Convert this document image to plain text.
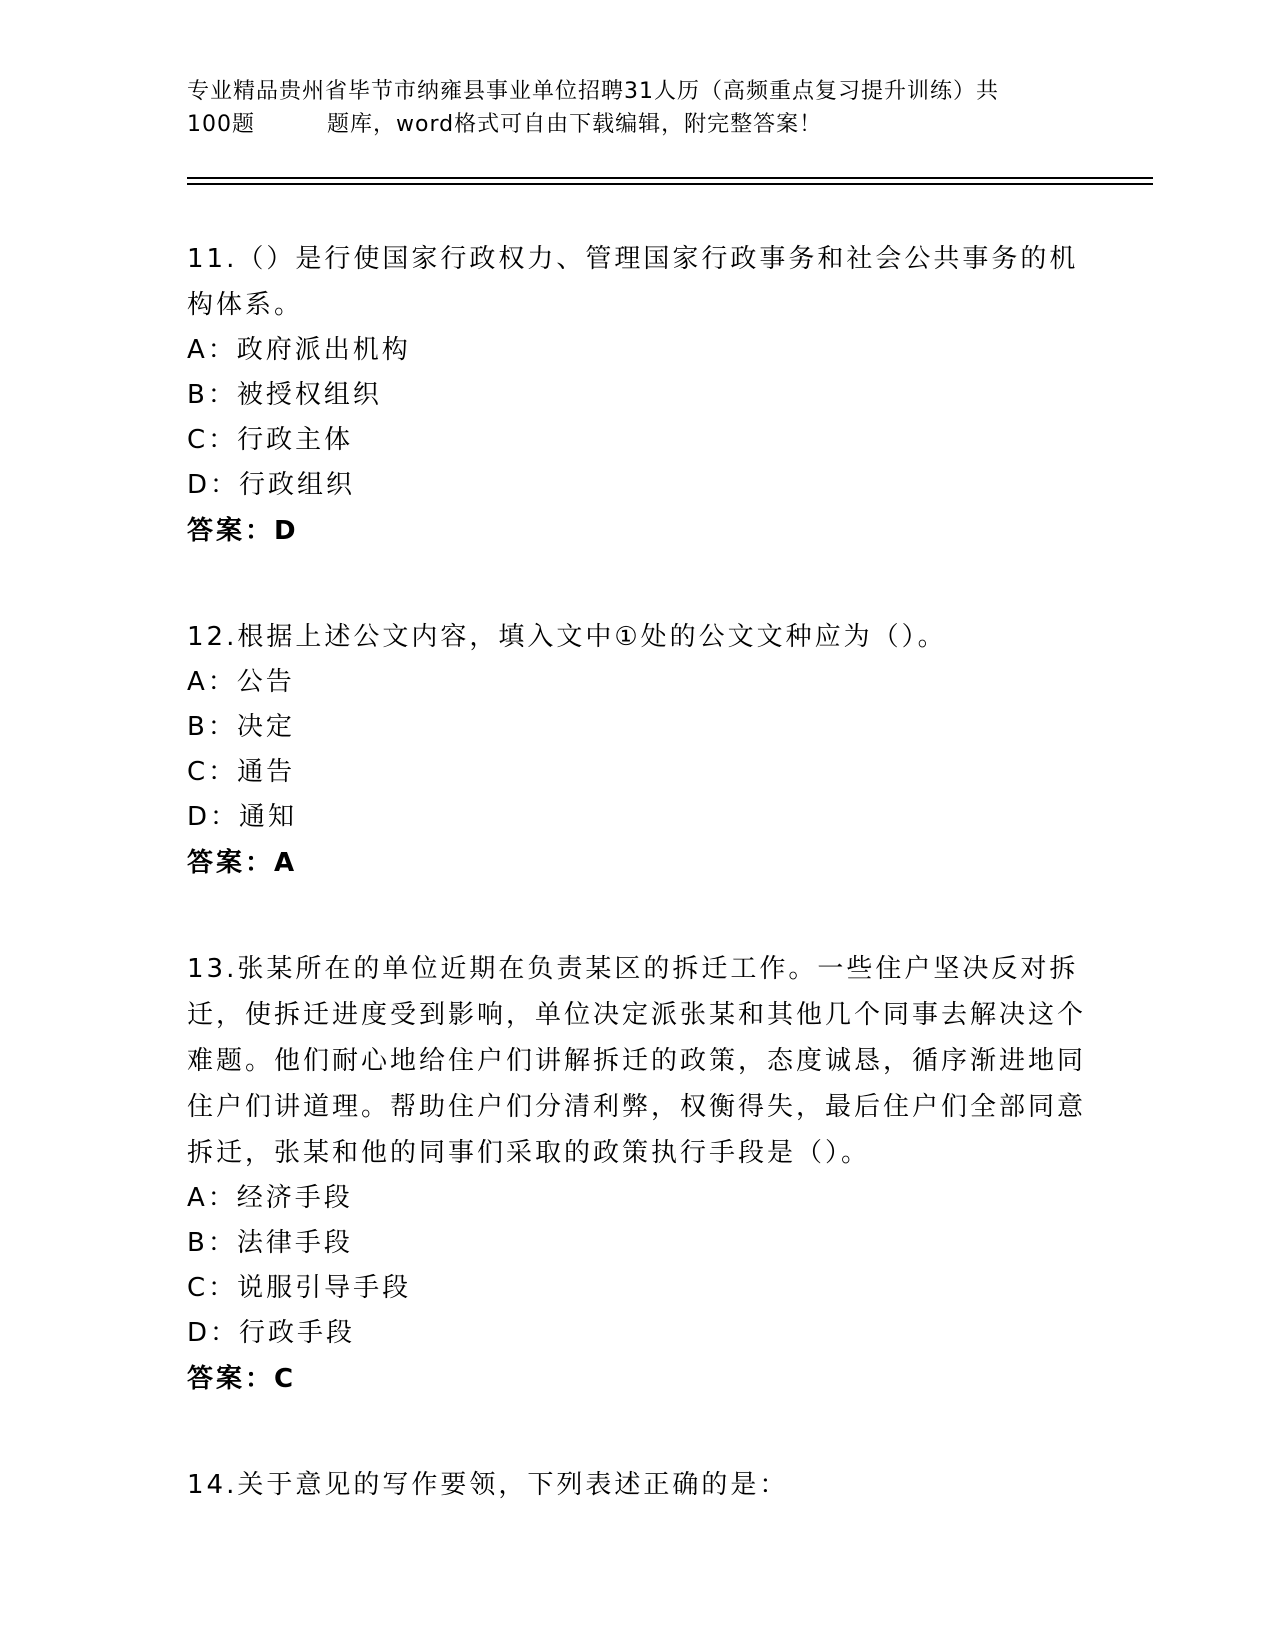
专业精品贵州省毕节市纳雍县事业单位招聘31人历（高频重点复习提升训练）共
100题	题库，word格式可自由下载编辑，附完整答案！
11.（）是行使国家行政权力、管理国家行政事务和社会公共事务的机构体系。
A：政府派出机构
B：被授权组织
C：行政主体
D：行政组织
答案：D
12.根据上述公文内容，填入文中①处的公文文种应为（）。
A：公告
B：决定
C：通告
D：通知
答案：A
13.张某所在的单位近期在负责某区的拆迁工作。一些住户坚决反对拆迁，使拆迁进度受到影响，单位决定派张某和其他几个同事去解决这个难题。他们耐心地给住户们讲解拆迁的政策，态度诚恳，循序渐进地同住户们讲道理。帮助住户们分清利弊，权衡得失，最后住户们全部同意拆迁，张某和他的同事们采取的政策执行手段是（）。
A：经济手段
B：法律手段
C：说服引导手段
D：行政手段
答案：C
14.关于意见的写作要领，下列表述正确的是：
